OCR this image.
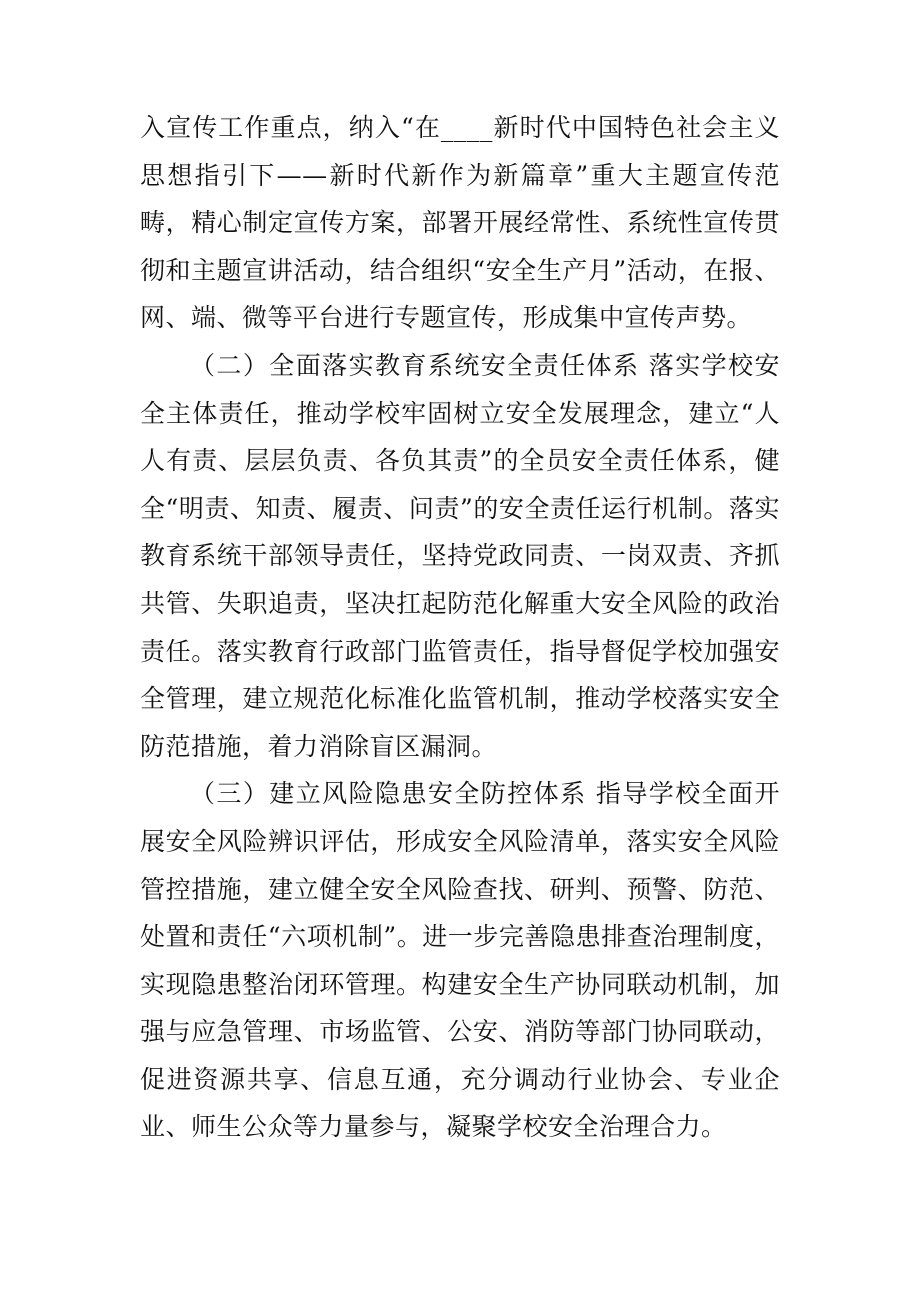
入宣传工作重点，纳入“在____新时代中国特色社会主义思想指引下——新时代新作为新篇章”重大主题宣传范畴，精心制定宣传方案，部署开展经常性、系统性宣传贯彻和主题宣讲活动，结合组织“安全生产月”活动，在报、网、端、微等平台进行专题宣传，形成集中宣传声势。

（二）全面落实教育系统安全责任体系 落实学校安全主体责任，推动学校牢固树立安全发展理念，建立“人人有责、层层负责、各负其责”的全员安全责任体系，健全“明责、知责、履责、问责”的安全责任运行机制。落实教育系统干部领导责任，坚持党政同责、一岗双责、齐抓共管、失职追责，坚决扛起防范化解重大安全风险的政治责任。落实教育行政部门监管责任，指导督促学校加强安全管理，建立规范化标准化监管机制，推动学校落实安全防范措施，着力消除盲区漏洞。

（三）建立风险隐患安全防控体系 指导学校全面开展安全风险辨识评估，形成安全风险清单，落实安全风险管控措施，建立健全安全风险查找、研判、预警、防范、处置和责任“六项机制”。进一步完善隐患排查治理制度，实现隐患整治闭环管理。构建安全生产协同联动机制，加强与应急管理、市场监管、公安、消防等部门协同联动，促进资源共享、信息互通，充分调动行业协会、专业企业、师生公众等力量参与，凝聚学校安全治理合力。
